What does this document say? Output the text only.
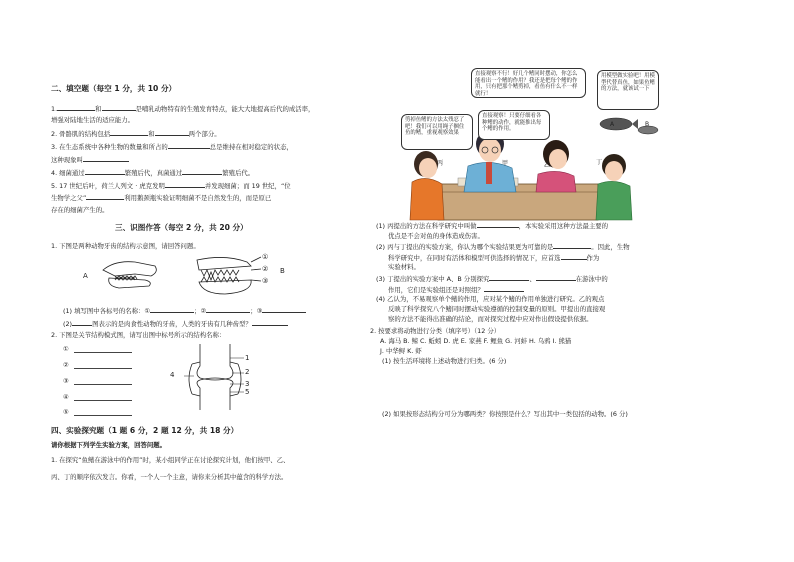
二、填空题（每空 1 分，共 10 分）
1.	和	是哺乳动物特有的生殖发育特点，能大大地提高后代的成活率，
增强对陆地生活的适应能力。
2. 骨骼肌的结构包括	和	两个部分。
3. 在生态系统中各种生物的数量和所占的	总是维持在相对稳定的状态，
这种现象叫
4. 细菌通过	繁殖后代，真菌通过	繁殖后代。
5. 17 世纪后叶，荷兰人列文 · 虎克发明	并发现细菌；而 19 世纪，“位
生物学之父”	利用鹅颈瓶实验证明细菌不是自然发生的，而是原已
存在的细菌产生的。
三、识图作答（每空 2 分，共 20 分）
1. 下图是两种动物牙齿的结构示意图，请回答问题。
A
B
①
②
③
(1) 填写图中各标号的名称：①	；②	；③
(2)	图表示的是肉食性动物的牙齿，人类的牙齿有几种齿型？
2. 下图是关节结构模式图，请写出图中标号所示的结构名称：
①
②
③
④
⑤
1
2
4
3
5
四、实验探究题（1 题 6 分，2 题 12 分，共 18 分）
请你根据下列学生实验方案，回答问题。
1. 在探究“鱼鳍在游泳中的作用”时，某小组同学正在讨论探究计划，他们按甲、乙、
丙、丁的顺序依次发言。你看，一个人一个主意，请你来分析其中蕴含的科学方法。
直接观察不行！好几个鳍同时摆动，你怎么能看出一个鳍的作用？我还是把每个鳍的作用，只有把那个鳍剪掉，看鱼有什么不一样就行！
用模型做实验吧！用模型代替真鱼，如果鱼鳍的方法，就该试一下
剪掉鱼鳍的方法太残忍了吧！我们可以用绳子捆住鱼的鳍，重视观察效果
直接观察！只要仔细看各种鳍的动作，就能推出每个鳍的作用。
丙	甲	乙	丁
A	B
(1) 丙提出的方法在科学研究中叫做	，本实验采用这种方法最主要的
优点是不会对鱼的身体造成伤害。
(2) 丙与丁提出的实验方案，你认为哪个实验结果更为可靠的是	。因此，生物
科学研究中，在同时有活体和模型可供选择的情况下，应首选	作为
实验材料。
(3) 丁提出的实验方案中 A、B 分别探究	、	在游泳中的
作用，它们是实验组还是对照组？
(4) 乙认为，不易观察单个鳍的作用，应对某个鳍的作用单独进行研究。乙的观点
反映了科学探究八个鳍同时摆动实验遵循的控制变量的原则。甲提出的直接观
察的方法不能得出准确的结论，而对探究过程中应对作出假设提供依据。
2. 按要求将动物进行分类（填序号）（12 分）
A. 海马 B. 鲸 C. 蚯蚓 D. 虎 E. 家燕 F. 鲤鱼 G. 河蚌 H. 乌鸦 I. 熊猫
J. 中华鲟 K. 虾
(1) 按生活环境将上述动物进行归类。(6 分)
(2) 如果按形态结构分可分为哪两类？你按照是什么？写出其中一类包括的动物。(6 分)
